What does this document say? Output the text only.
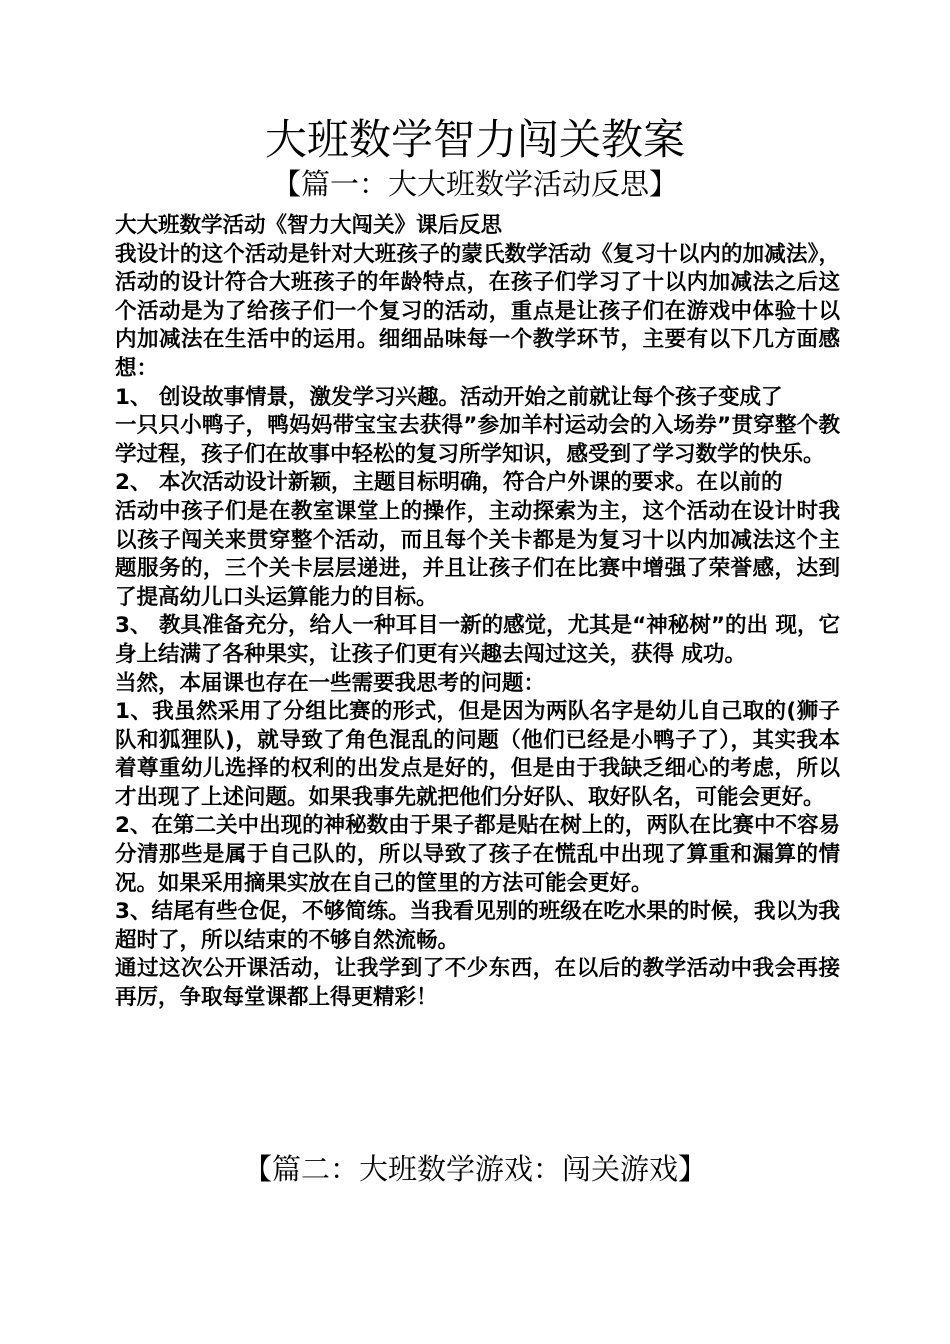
大班数学智力闯关教案
【篇一：大大班数学活动反思】

大大班数学活动《智力大闯关》课后反思

我设计的这个活动是针对大班孩子的蒙氏数学活动《复习十以内的加减法》，活动的设计符合大班孩子的年龄特点，在孩子们学习了十以内加减法之后这个活动是为了给孩子们一个复习的活动，重点是让孩子们在游戏中体验十以内加减法在生活中的运用。细细品味每一个教学环节，主要有以下几方面感想：

1、 创设故事情景，激发学习兴趣。活动开始之前就让每个孩子变成了

一只只小鸭子，鸭妈妈带宝宝去获得”参加羊村运动会的入场券”贯穿整个教学过程，孩子们在故事中轻松的复习所学知识，感受到了学习数学的快乐。

2、 本次活动设计新颖，主题目标明确，符合户外课的要求。在以前的

活动中孩子们是在教室课堂上的操作，主动探索为主，这个活动在设计时我以孩子闯关来贯穿整个活动，而且每个关卡都是为复习十以内加减法这个主题服务的，三个关卡层层递进，并且让孩子们在比赛中增强了荣誉感，达到了提高幼儿口头运算能力的目标。

3、 教具准备充分，给人一种耳目一新的感觉，尤其是“神秘树”的出 现，它身上结满了各种果实，让孩子们更有兴趣去闯过这关，获得 成功。

当然，本届课也存在一些需要我思考的问题：

1、我虽然采用了分组比赛的形式，但是因为两队名字是幼儿自己取的(狮子队和狐狸队)，就导致了角色混乱的问题（他们已经是小鸭子了），其实我本着尊重幼儿选择的权利的出发点是好的，但是由于我缺乏细心的考虑，所以才出现了上述问题。如果我事先就把他们分好队、取好队名，可能会更好。

2、在第二关中出现的神秘数由于果子都是贴在树上的，两队在比赛中不容易分清那些是属于自己队的，所以导致了孩子在慌乱中出现了算重和漏算的情况。如果采用摘果实放在自己的筐里的方法可能会更好。

3、结尾有些仓促，不够简练。当我看见别的班级在吃水果的时候，我以为我超时了，所以结束的不够自然流畅。

通过这次公开课活动，让我学到了不少东西，在以后的教学活动中我会再接再厉，争取每堂课都上得更精彩！

【篇二：大班数学游戏：闯关游戏】
